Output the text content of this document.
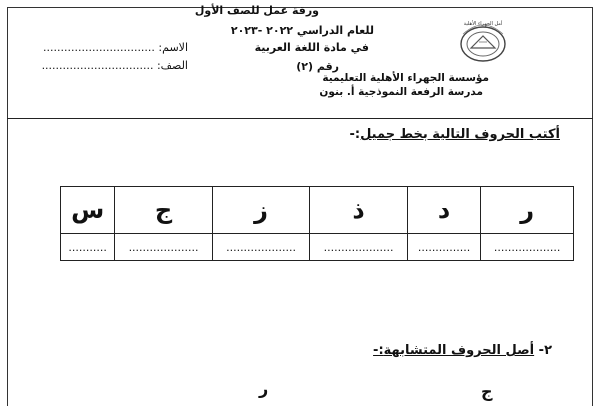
أمل الجهراء الأهلية
مؤسسة الجهراء الأهلية التعليمية
مدرسة الرفعة النموذجية أ. بنون
ورقة عمل للصف الأول
للعام الدراسي ٢٠٢٢ -٢٠٢٣
في مادة اللغة العربية
رقم (٢)
الاسم: ................................
الصف: ................................
أكتب الحروف التالية بخط جميل:-
ر	د	ذ	ز	ج	س
...................	...............	....................	....................	....................	...........
٢- أصل الحروف المتشابهة:-
ج
ر
